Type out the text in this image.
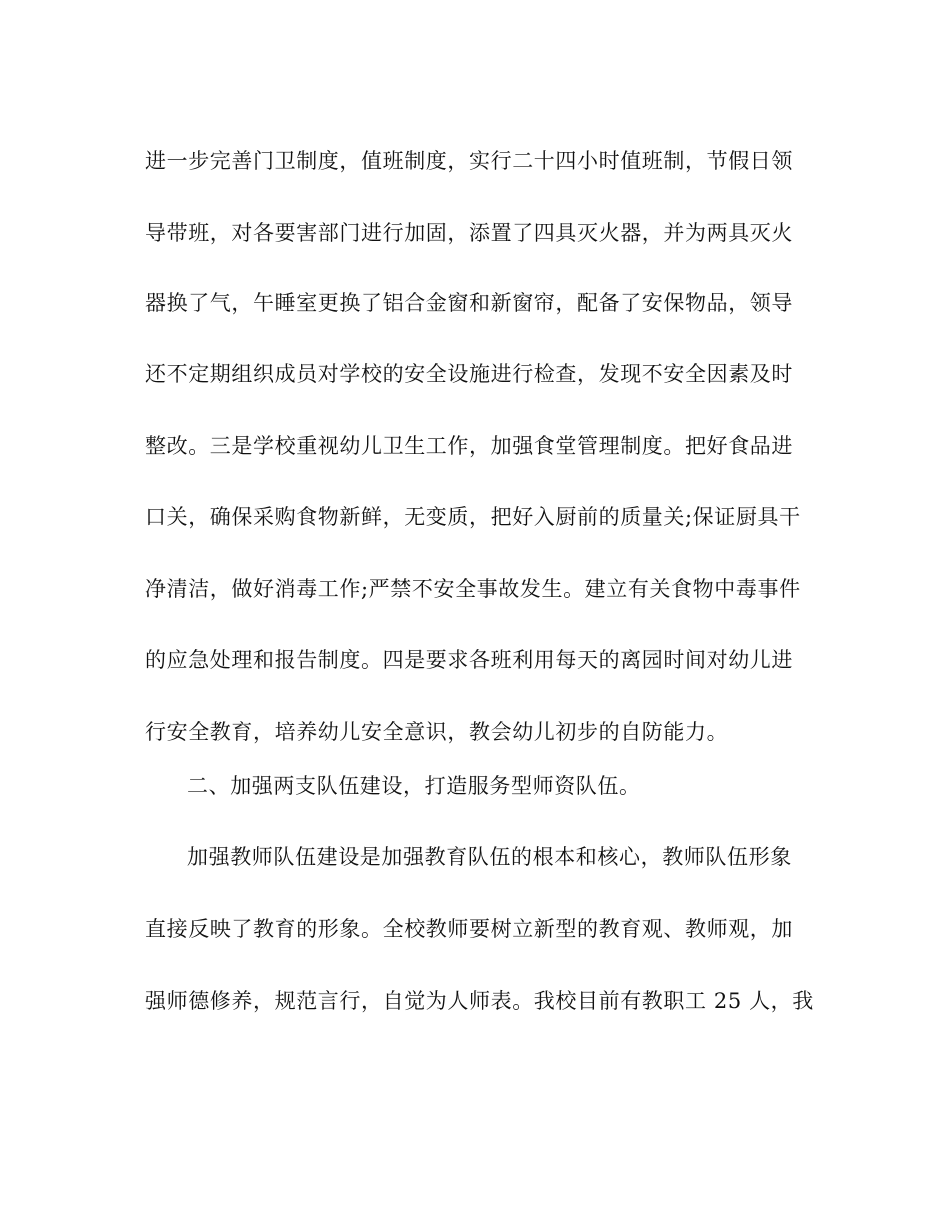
进一步完善门卫制度，值班制度，实行二十四小时值班制，节假日领
导带班，对各要害部门进行加固，添置了四具灭火器，并为两具灭火
器换了气，午睡室更换了铝合金窗和新窗帘，配备了安保物品，领导
还不定期组织成员对学校的安全设施进行检查，发现不安全因素及时
整改。三是学校重视幼儿卫生工作，加强食堂管理制度。把好食品进
口关，确保采购食物新鲜，无变质，把好入厨前的质量关;保证厨具干
净清洁，做好消毒工作;严禁不安全事故发生。建立有关食物中毒事件
的应急处理和报告制度。四是要求各班利用每天的离园时间对幼儿进
行安全教育，培养幼儿安全意识，教会幼儿初步的自防能力。
二、加强两支队伍建设，打造服务型师资队伍。
加强教师队伍建设是加强教育队伍的根本和核心，教师队伍形象
直接反映了教育的形象。全校教师要树立新型的教育观、教师观，加
强师德修养，规范言行，自觉为人师表。我校目前有教职工 25 人，我
